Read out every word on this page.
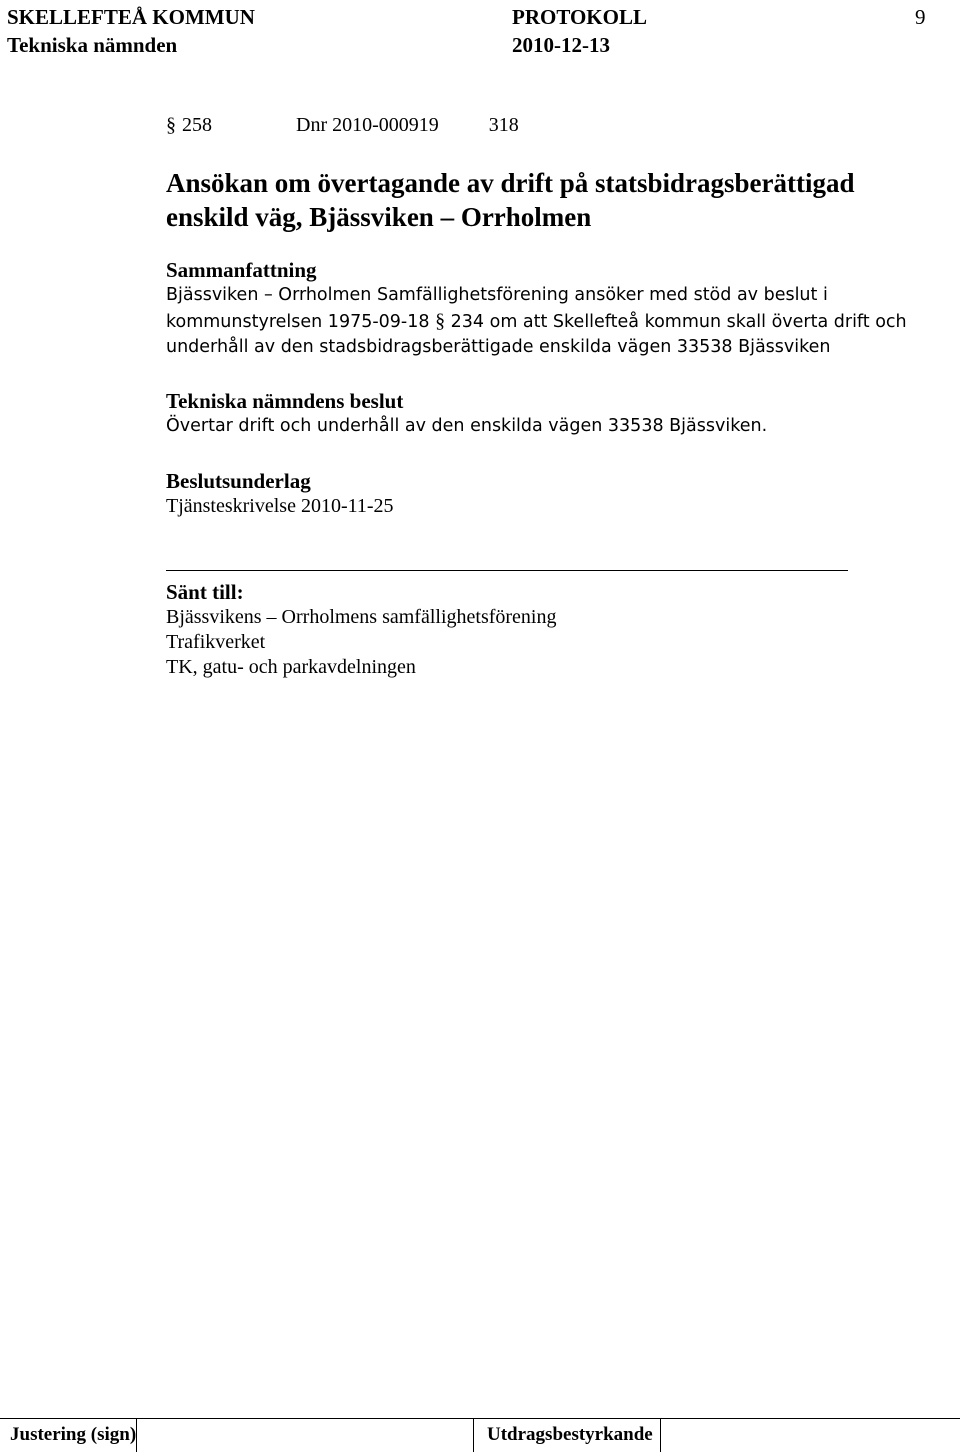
SKELLEFTEÅ KOMMUN	PROTOKOLL	9
Tekniska nämnden	2010-12-13
§ 258	Dnr 2010-000919	318
Ansökan om övertagande av drift på statsbidragsberättigad
enskild väg, Bjässviken – Orrholmen
Sammanfattning
Bjässviken – Orrholmen Samfällighetsförening ansöker med stöd av beslut i
kommunstyrelsen 1975-09-18 § 234 om att Skellefteå kommun skall överta drift och
underhåll av den stadsbidragsberättigade enskilda vägen 33538 Bjässviken
Tekniska nämndens beslut
Övertar drift och underhåll av den enskilda vägen 33538 Bjässviken.
Beslutsunderlag
Tjänsteskrivelse 2010-11-25
Sänt till:
Bjässvikens – Orrholmens samfällighetsförening
Trafikverket
TK, gatu- och parkavdelningen
Justering (sign)	Utdragsbestyrkande
